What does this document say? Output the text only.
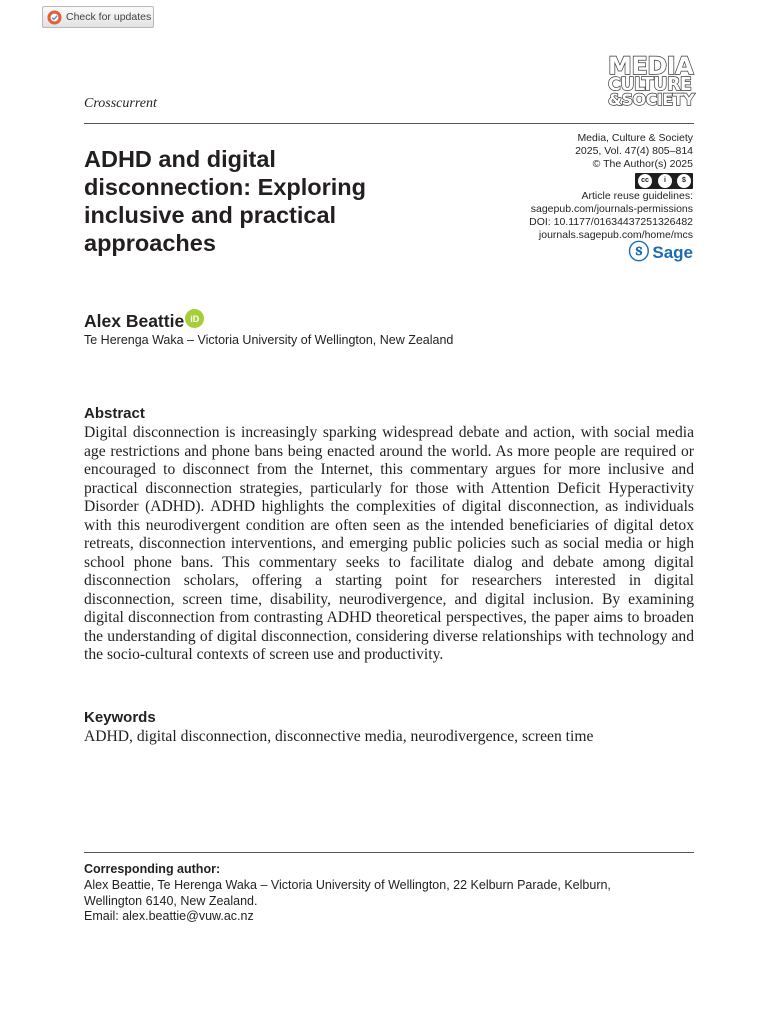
Check for updates
MEDIA
CULTURE
&SOCIETY
Crosscurrent
ADHD and digital disconnection: Exploring inclusive and practical approaches
Media, Culture & Society
2025, Vol. 47(4) 805–814
© The Author(s) 2025
cc	i	$
Article reuse guidelines:
sagepub.com/journals-permissions
DOI: 10.1177/01634437251326482
journals.sagepub.com/home/mcs
ⓢ Sage
Alex Beattie iD
Te Herenga Waka – Victoria University of Wellington, New Zealand
Abstract

Digital disconnection is increasingly sparking widespread debate and action, with social media age restrictions and phone bans being enacted around the world. As more people are required or encouraged to disconnect from the Internet, this commentary argues for more inclusive and practical disconnection strategies, particularly for those with Attention Deficit Hyperactivity Disorder (ADHD). ADHD highlights the complexities of digital disconnection, as individuals with this neurodivergent condition are often seen as the intended beneficiaries of digital detox retreats, disconnection interventions, and emerging public policies such as social media or high school phone bans. This commentary seeks to facilitate dialog and debate among digital disconnection scholars, offering a starting point for researchers interested in digital disconnection, screen time, disability, neurodivergence, and digital inclusion. By examining digital disconnection from contrasting ADHD theoretical perspectives, the paper aims to broaden the understanding of digital disconnection, considering diverse relationships with technology and the socio-cultural contexts of screen use and productivity.

Keywords
ADHD, digital disconnection, disconnective media, neurodivergence, screen time
Corresponding author:
Alex Beattie, Te Herenga Waka – Victoria University of Wellington, 22 Kelburn Parade, Kelburn,
Wellington 6140, New Zealand.
Email: alex.beattie@vuw.ac.nz
